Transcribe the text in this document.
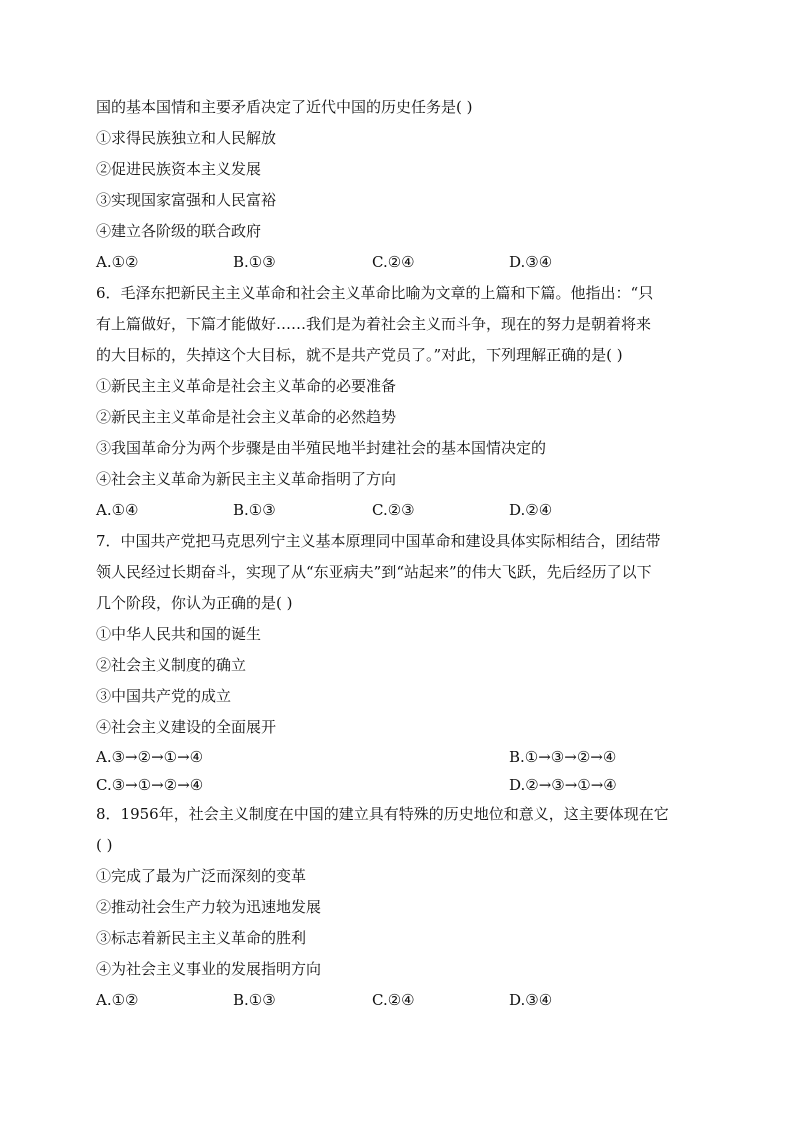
国的基本国情和主要矛盾决定了近代中国的历史任务是( )
①求得民族独立和人民解放
②促进民族资本主义发展
③实现国家富强和人民富裕
④建立各阶级的联合政府
A.①②	B.①③	C.②④	D.③④
6．毛泽东把新民主主义革命和社会主义革命比喻为文章的上篇和下篇。他指出：“只
有上篇做好，下篇才能做好……我们是为着社会主义而斗争，现在的努力是朝着将来
的大目标的，失掉这个大目标，就不是共产党员了。”对此，下列理解正确的是( )
①新民主主义革命是社会主义革命的必要准备
②新民主主义革命是社会主义革命的必然趋势
③我国革命分为两个步骤是由半殖民地半封建社会的基本国情决定的
④社会主义革命为新民主主义革命指明了方向
A.①④	B.①③	C.②③	D.②④
7．中国共产党把马克思列宁主义基本原理同中国革命和建设具体实际相结合，团结带
领人民经过长期奋斗，实现了从“东亚病夫”到“站起来”的伟大飞跃，先后经历了以下
几个阶段，你认为正确的是( )
①中华人民共和国的诞生
②社会主义制度的确立
③中国共产党的成立
④社会主义建设的全面展开
A.③→②→①→④	B.①→③→②→④
C.③→①→②→④	D.②→③→①→④
8．1956年，社会主义制度在中国的建立具有特殊的历史地位和意义，这主要体现在它
( )
①完成了最为广泛而深刻的变革
②推动社会生产力较为迅速地发展
③标志着新民主主义革命的胜利
④为社会主义事业的发展指明方向
A.①②	B.①③	C.②④	D.③④
